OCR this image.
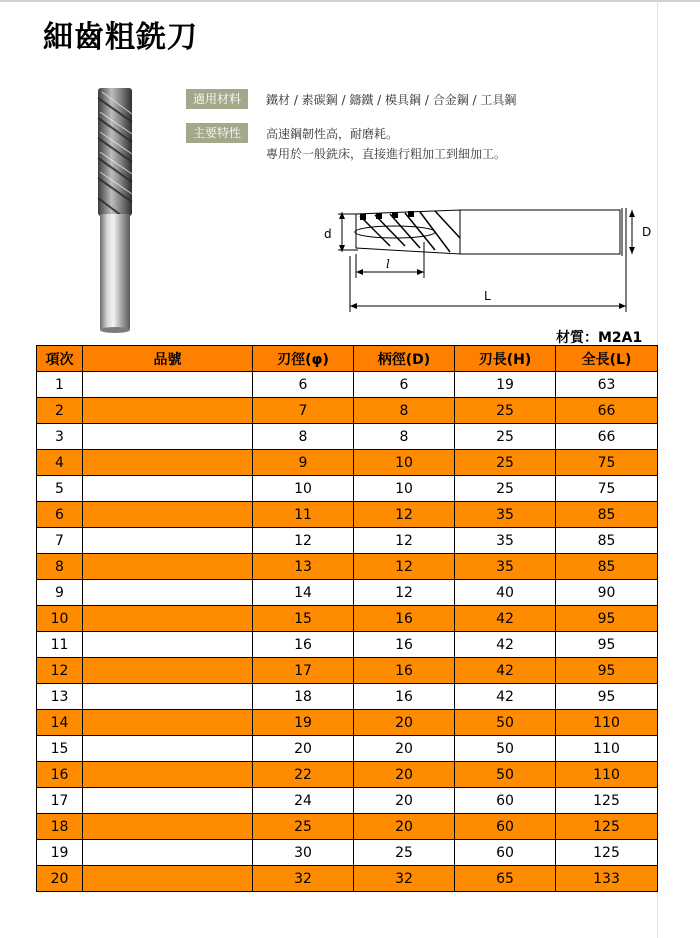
細齒粗銑刀
適用材料	鐵材 / 素碳鋼 / 鑄鐵 / 模具鋼 / 合金鋼 / 工具鋼
主要特性	高速鋼韌性高，耐磨耗。
專用於一般銑床，直接進行粗加工到細加工。
D
d
l
L
材質：M2A1
項次	品號	刃徑(φ)	柄徑(D)	刃長(H)	全長(L)
1		6	6	19	63
2		7	8	25	66
3		8	8	25	66
4		9	10	25	75
5		10	10	25	75
6		11	12	35	85
7		12	12	35	85
8		13	12	35	85
9		14	12	40	90
10		15	16	42	95
11		16	16	42	95
12		17	16	42	95
13		18	16	42	95
14		19	20	50	110
15		20	20	50	110
16		22	20	50	110
17		24	20	60	125
18		25	20	60	125
19		30	25	60	125
20		32	32	65	133
